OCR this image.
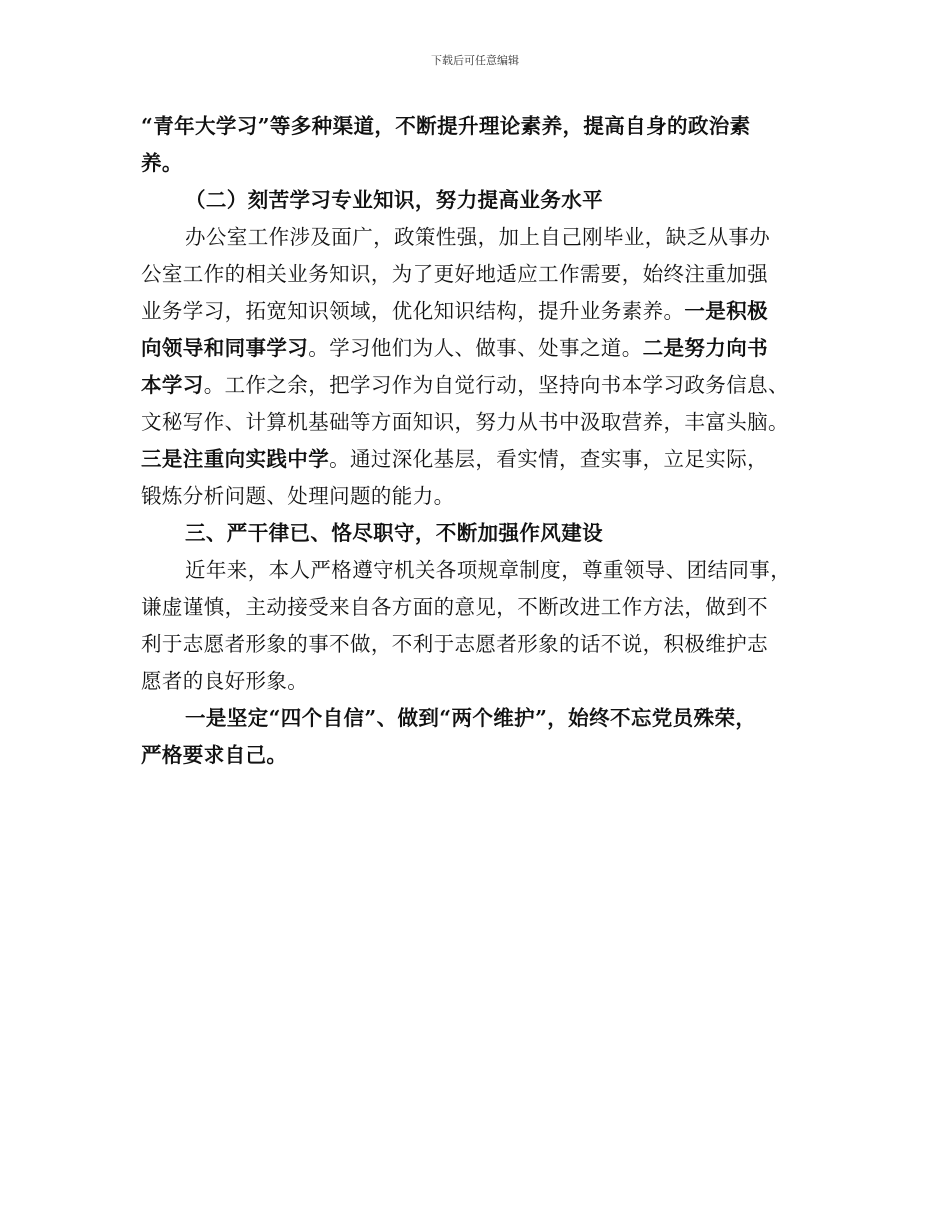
下载后可任意编辑
“青年大学习”等多种渠道，不断提升理论素养，提高自身的政治素
养。
（二）刻苦学习专业知识，努力提高业务水平
办公室工作涉及面广，政策性强，加上自己刚毕业，缺乏从事办
公室工作的相关业务知识，为了更好地适应工作需要，始终注重加强
业务学习，拓宽知识领域，优化知识结构，提升业务素养。一是积极
向领导和同事学习。学习他们为人、做事、处事之道。二是努力向书
本学习。工作之余，把学习作为自觉行动，坚持向书本学习政务信息、
文秘写作、计算机基础等方面知识，努力从书中汲取营养，丰富头脑。
三是注重向实践中学。通过深化基层，看实情，查实事，立足实际，
锻炼分析问题、处理问题的能力。
三、严干律已、恪尽职守，不断加强作风建设
近年来，本人严格遵守机关各项规章制度，尊重领导、团结同事，
谦虚谨慎，主动接受来自各方面的意见，不断改进工作方法，做到不
利于志愿者形象的事不做，不利于志愿者形象的话不说，积极维护志
愿者的良好形象。
一是坚定“四个自信”、做到“两个维护”，始终不忘党员殊荣，
严格要求自己。
